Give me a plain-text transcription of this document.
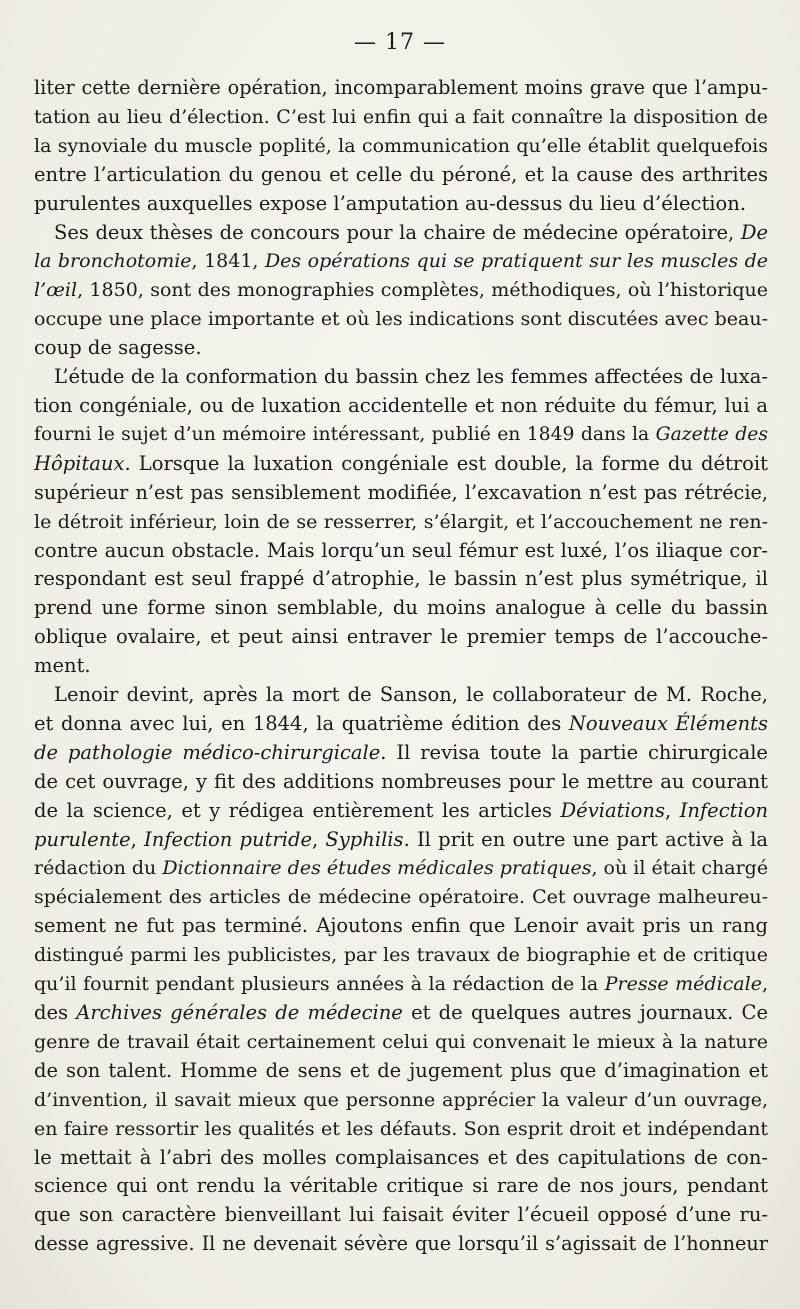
— 17 —
liter cette dernière opération, incomparablement moins grave que l’ampu-
tation au lieu d’élection. C’est lui enfin qui a fait connaître la disposition de
la synoviale du muscle poplité, la communication qu’elle établit quelquefois
entre l’articulation du genou et celle du péroné, et la cause des arthrites
purulentes auxquelles expose l’amputation au-dessus du lieu d’élection.
Ses deux thèses de concours pour la chaire de médecine opératoire, De
la bronchotomie, 1841, Des opérations qui se pratiquent sur les muscles de
l’œil, 1850, sont des monographies complètes, méthodiques, où l’historique
occupe une place importante et où les indications sont discutées avec beau-
coup de sagesse.
L’étude de la conformation du bassin chez les femmes affectées de luxa-
tion congéniale, ou de luxation accidentelle et non réduite du fémur, lui a
fourni le sujet d’un mémoire intéressant, publié en 1849 dans la Gazette des
Hôpitaux. Lorsque la luxation congéniale est double, la forme du détroit
supérieur n’est pas sensiblement modifiée, l’excavation n’est pas rétrécie,
le détroit inférieur, loin de se resserrer, s’élargit, et l’accouchement ne ren-
contre aucun obstacle. Mais lorqu’un seul fémur est luxé, l’os iliaque cor-
respondant est seul frappé d’atrophie, le bassin n’est plus symétrique, il
prend une forme sinon semblable, du moins analogue à celle du bassin
oblique ovalaire, et peut ainsi entraver le premier temps de l’accouche-
ment.
Lenoir devint, après la mort de Sanson, le collaborateur de M. Roche,
et donna avec lui, en 1844, la quatrième édition des Nouveaux Éléments
de pathologie médico-chirurgicale. Il revisa toute la partie chirurgicale
de cet ouvrage, y fit des additions nombreuses pour le mettre au courant
de la science, et y rédigea entièrement les articles Déviations, Infection
purulente, Infection putride, Syphilis. Il prit en outre une part active à la
rédaction du Dictionnaire des études médicales pratiques, où il était chargé
spécialement des articles de médecine opératoire. Cet ouvrage malheureu-
sement ne fut pas terminé. Ajoutons enfin que Lenoir avait pris un rang
distingué parmi les publicistes, par les travaux de biographie et de critique
qu’il fournit pendant plusieurs années à la rédaction de la Presse médicale,
des Archives générales de médecine et de quelques autres journaux. Ce
genre de travail était certainement celui qui convenait le mieux à la nature
de son talent. Homme de sens et de jugement plus que d’imagination et
d’invention, il savait mieux que personne apprécier la valeur d’un ouvrage,
en faire ressortir les qualités et les défauts. Son esprit droit et indépendant
le mettait à l’abri des molles complaisances et des capitulations de con-
science qui ont rendu la véritable critique si rare de nos jours, pendant
que son caractère bienveillant lui faisait éviter l’écueil opposé d’une ru-
desse agressive. Il ne devenait sévère que lorsqu’il s’agissait de l’honneur
